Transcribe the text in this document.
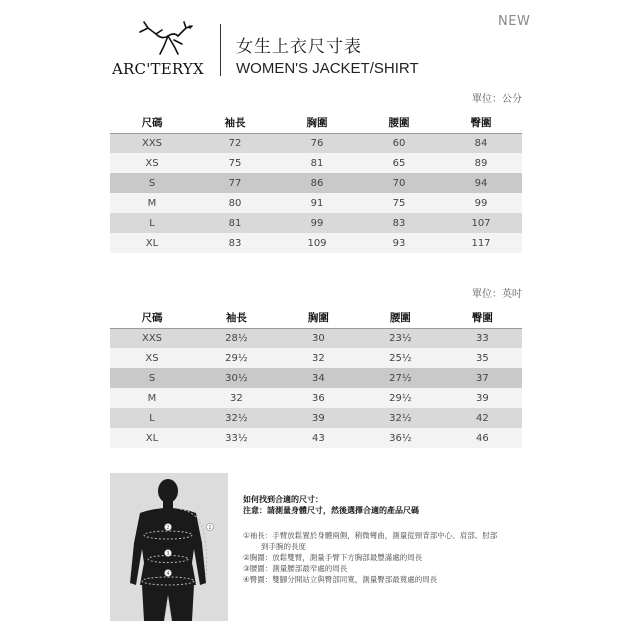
NEW
ARC'TERYX
女生上衣尺寸表
WOMEN'S JACKET/SHIRT
單位：公分
尺碼	袖長	胸圍	腰圍	臀圍
XXS	72	76	60	84
XS	75	81	65	89
S	77	86	70	94
M	80	91	75	99
L	81	99	83	107
XL	83	109	93	117
單位：英吋
尺碼	袖長	胸圍	腰圍	臀圍
XXS	28½	30	23½	33
XS	29½	32	25½	35
S	30½	34	27½	37
M	32	36	29½	39
L	32½	39	32½	42
XL	33½	43	36½	46
1
2
3
4
如何找到合適的尺寸：
注意：請測量身體尺寸，然後選擇合適的產品尺碼
①袖長：手臂放鬆置於身體兩側，稍微彎曲，測量從頸背部中心、肩部、肘部
到手腕的長度
②胸圍：放鬆雙臂，測量手臂下方胸部最豐滿處的周長
③腰圍：測量腰部最窄處的周長
④臀圍：雙腳分開站立與臀部同寬，測量臀部最寬處的周長
